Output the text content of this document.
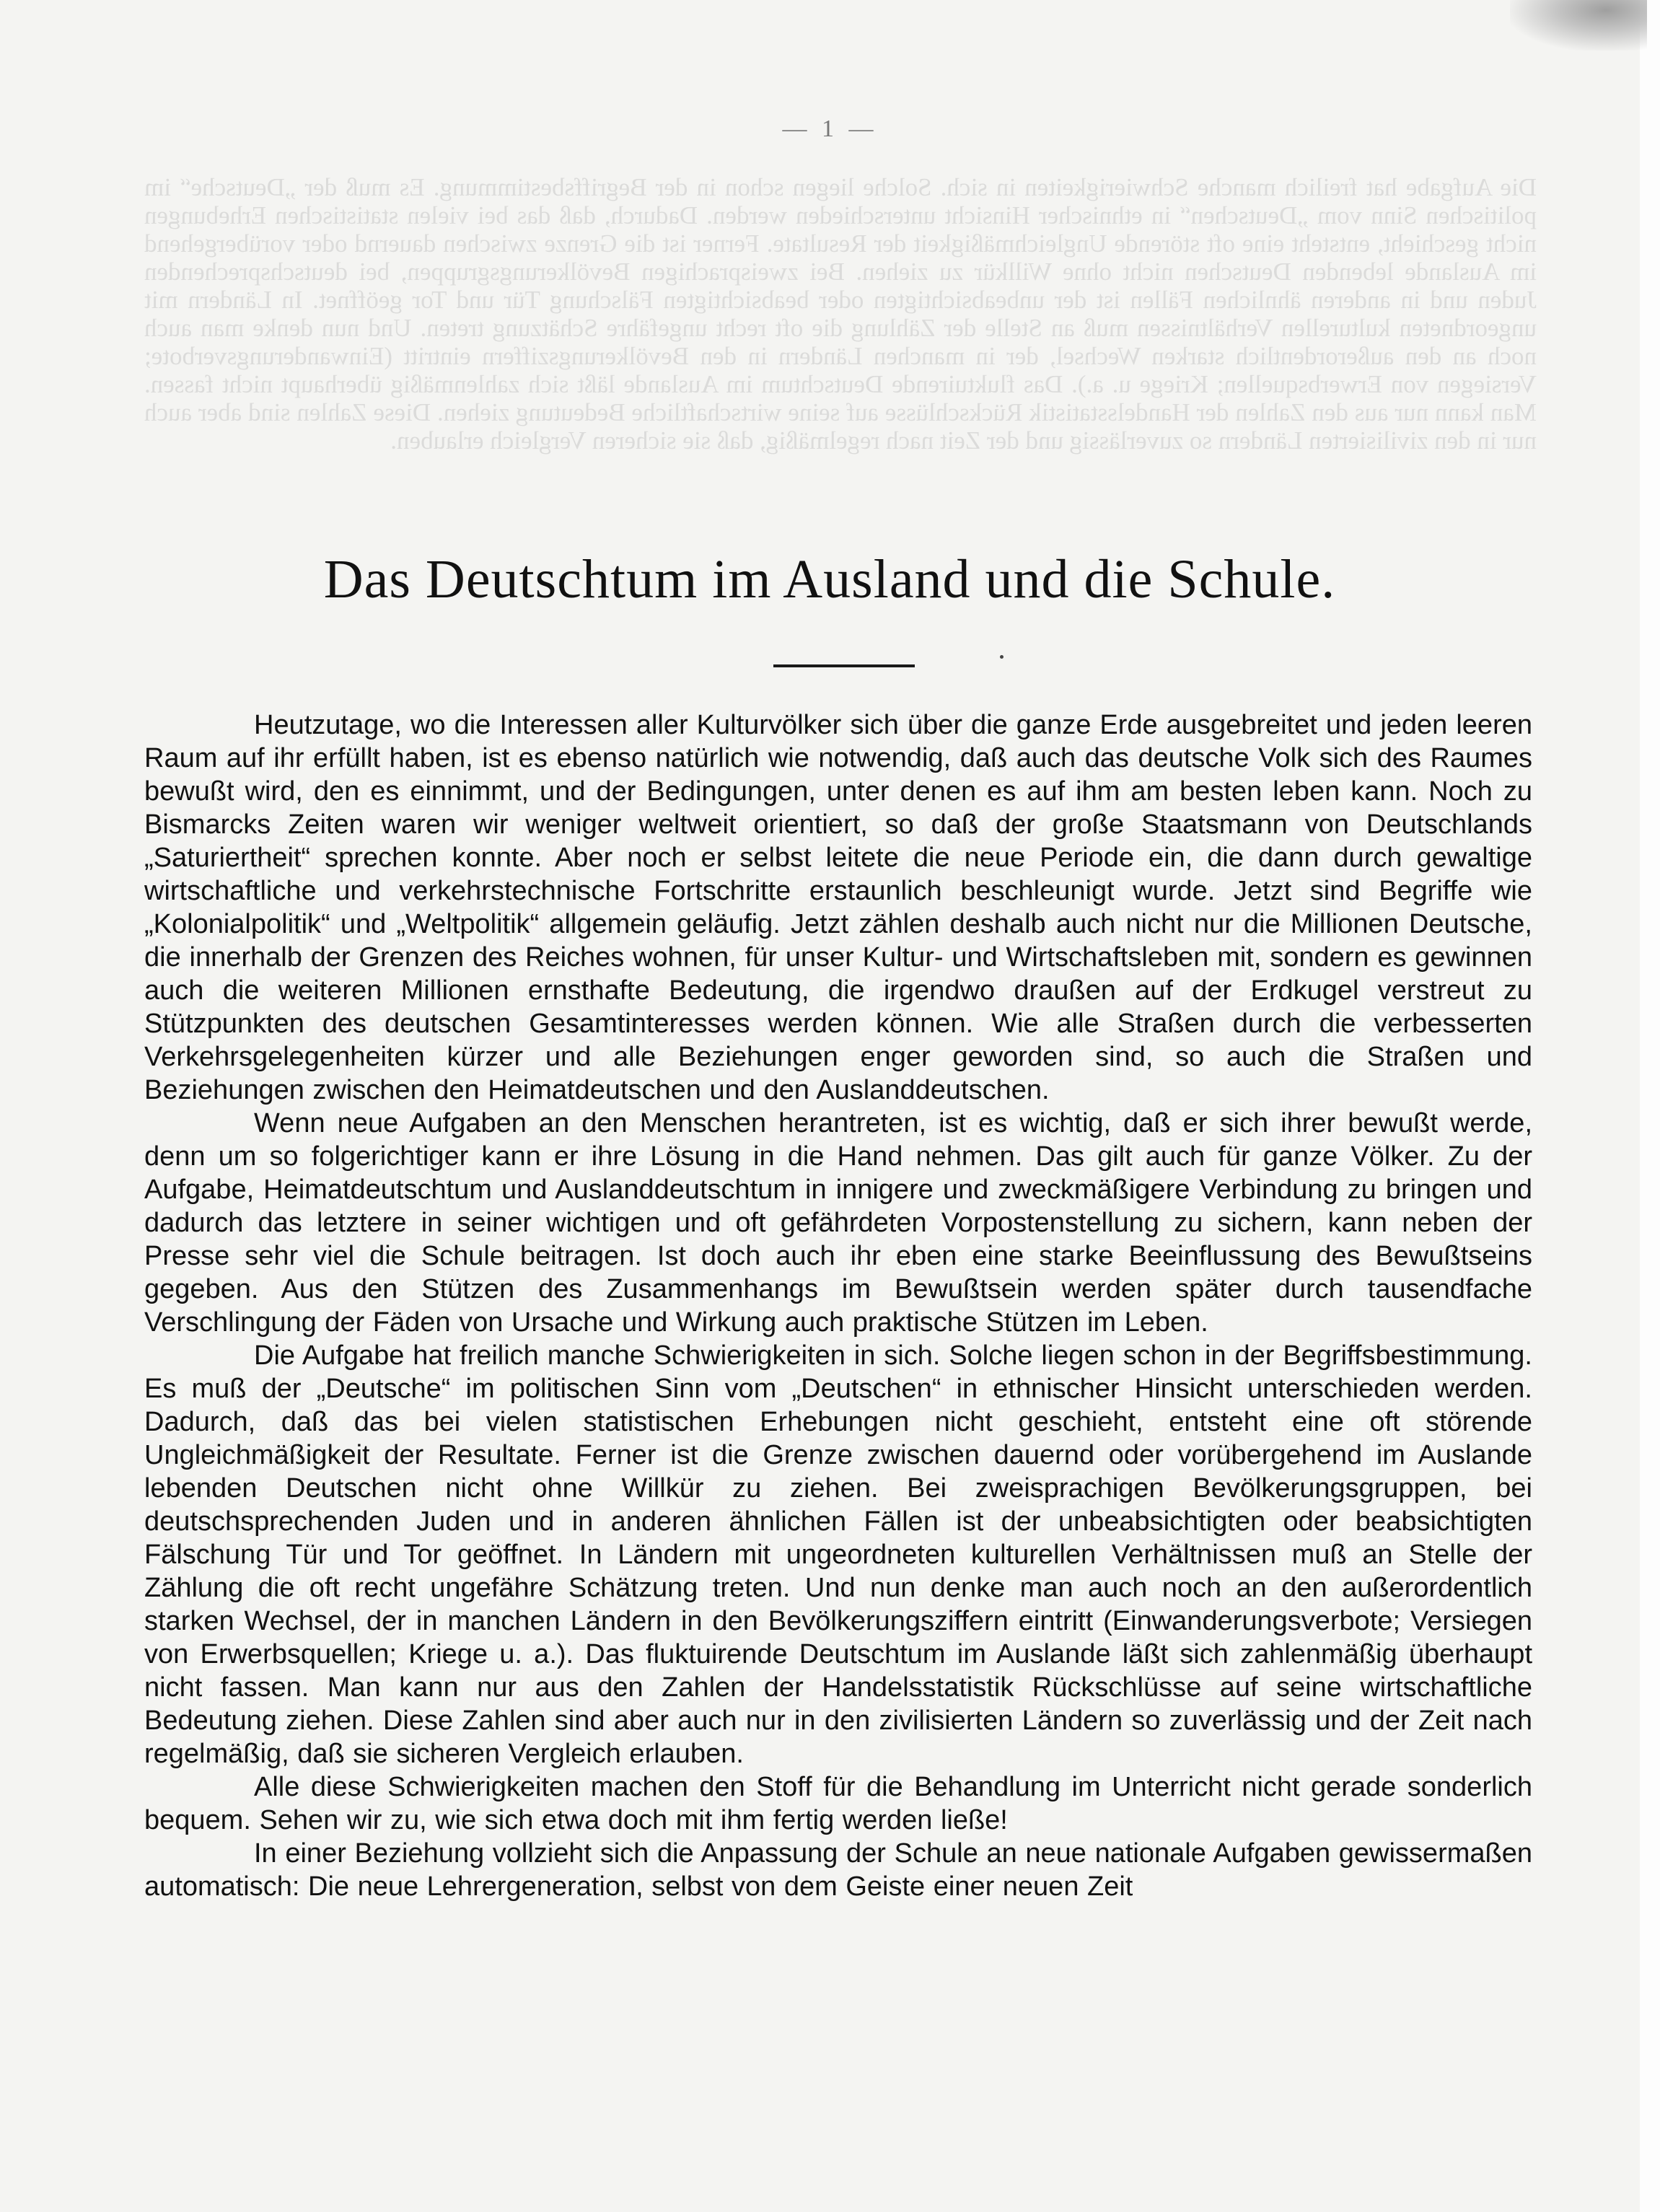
— 1 —
Die Aufgabe hat freilich manche Schwierigkeiten in sich. Solche liegen schon in der Begriffsbestimmung. Es muß der „Deutsche“ im politischen Sinn vom „Deutschen“ in ethnischer Hinsicht unterschieden werden. Dadurch, daß das bei vielen statistischen Erhebungen nicht geschieht, entsteht eine oft störende Ungleichmäßigkeit der Resultate. Ferner ist die Grenze zwischen dauernd oder vorübergehend im Auslande lebenden Deutschen nicht ohne Willkür zu ziehen. Bei zweisprachigen Bevölkerungsgruppen, bei deutschsprechenden Juden und in anderen ähnlichen Fällen ist der unbeabsichtigten oder beabsichtigten Fälschung Tür und Tor geöffnet. In Ländern mit ungeordneten kulturellen Verhältnissen muß an Stelle der Zählung die oft recht ungefähre Schätzung treten. Und nun denke man auch noch an den außerordentlich starken Wechsel, der in manchen Ländern in den Bevölkerungsziffern eintritt (Einwanderungsverbote; Versiegen von Erwerbsquellen; Kriege u. a.). Das fluktuirende Deutschtum im Auslande läßt sich zahlenmäßig überhaupt nicht fassen. Man kann nur aus den Zahlen der Handelsstatistik Rückschlüsse auf seine wirtschaftliche Bedeutung ziehen. Diese Zahlen sind aber auch nur in den zivilisierten Ländern so zuverlässig und der Zeit nach regelmäßig, daß sie sicheren Vergleich erlauben.
Das Deutschtum im Ausland und die Schule.

Heutzutage, wo die Interessen aller Kulturvölker sich über die ganze Erde ausgebreitet und jeden leeren Raum auf ihr erfüllt haben, ist es ebenso natürlich wie notwendig, daß auch das deutsche Volk sich des Raumes bewußt wird, den es einnimmt, und der Bedingungen, unter denen es auf ihm am besten leben kann. Noch zu Bismarcks Zeiten waren wir weniger weltweit orientiert, so daß der große Staatsmann von Deutschlands „Saturiertheit“ sprechen konnte. Aber noch er selbst leitete die neue Periode ein, die dann durch gewaltige wirtschaftliche und verkehrstechnische Fortschritte erstaunlich beschleunigt wurde. Jetzt sind Begriffe wie „Kolonialpolitik“ und „Weltpolitik“ allgemein geläufig. Jetzt zählen deshalb auch nicht nur die Millionen Deutsche, die innerhalb der Grenzen des Reiches wohnen, für unser Kultur- und Wirtschaftsleben mit, sondern es gewinnen auch die weiteren Millionen ernsthafte Bedeutung, die irgendwo draußen auf der Erdkugel verstreut zu Stützpunkten des deutschen Gesamtinteresses werden können. Wie alle Straßen durch die verbesserten Verkehrsgelegenheiten kürzer und alle Beziehungen enger geworden sind, so auch die Straßen und Beziehungen zwischen den Heimatdeutschen und den Auslanddeutschen.

Wenn neue Aufgaben an den Menschen herantreten, ist es wichtig, daß er sich ihrer bewußt werde, denn um so folgerichtiger kann er ihre Lösung in die Hand nehmen. Das gilt auch für ganze Völker. Zu der Aufgabe, Heimatdeutschtum und Auslanddeutschtum in innigere und zweckmäßigere Verbindung zu bringen und dadurch das letztere in seiner wichtigen und oft gefährdeten Vorpostenstellung zu sichern, kann neben der Presse sehr viel die Schule beitragen. Ist doch auch ihr eben eine starke Beeinflussung des Bewußtseins gegeben. Aus den Stützen des Zusammenhangs im Bewußtsein werden später durch tausendfache Verschlingung der Fäden von Ursache und Wirkung auch praktische Stützen im Leben.

Die Aufgabe hat freilich manche Schwierigkeiten in sich. Solche liegen schon in der Begriffsbestimmung. Es muß der „Deutsche“ im politischen Sinn vom „Deutschen“ in ethnischer Hinsicht unterschieden werden. Dadurch, daß das bei vielen statistischen Erhebungen nicht geschieht, entsteht eine oft störende Ungleichmäßigkeit der Resultate. Ferner ist die Grenze zwischen dauernd oder vorübergehend im Auslande lebenden Deutschen nicht ohne Willkür zu ziehen. Bei zweisprachigen Bevölkerungsgruppen, bei deutschsprechenden Juden und in anderen ähnlichen Fällen ist der unbeabsichtigten oder beabsichtigten Fälschung Tür und Tor geöffnet. In Ländern mit ungeordneten kulturellen Verhältnissen muß an Stelle der Zählung die oft recht ungefähre Schätzung treten. Und nun denke man auch noch an den außerordentlich starken Wechsel, der in manchen Ländern in den Bevölkerungsziffern eintritt (Einwanderungsverbote; Versiegen von Erwerbsquellen; Kriege u. a.). Das fluktuirende Deutschtum im Auslande läßt sich zahlenmäßig überhaupt nicht fassen. Man kann nur aus den Zahlen der Handelsstatistik Rückschlüsse auf seine wirtschaftliche Bedeutung ziehen. Diese Zahlen sind aber auch nur in den zivilisierten Ländern so zuverlässig und der Zeit nach regelmäßig, daß sie sicheren Vergleich erlauben.

Alle diese Schwierigkeiten machen den Stoff für die Behandlung im Unterricht nicht gerade sonderlich bequem. Sehen wir zu, wie sich etwa doch mit ihm fertig werden ließe!

In einer Beziehung vollzieht sich die Anpassung der Schule an neue nationale Aufgaben gewissermaßen automatisch: Die neue Lehrergeneration, selbst von dem Geiste einer neuen Zeit
